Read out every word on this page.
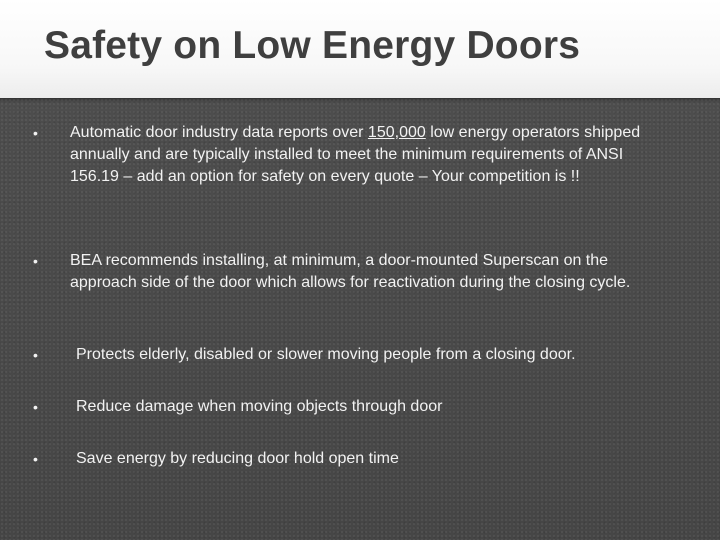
Safety on Low Energy Doors
• Automatic door industry data reports over 150,000 low energy operators shipped annually and are typically installed to meet the minimum requirements of ANSI 156.19 – add an option for safety on every quote – Your competition is !!
• BEA recommends installing, at minimum, a door-mounted Superscan on the approach side of the door which allows for reactivation during the closing cycle.
• Protects elderly, disabled or slower moving people from a closing door.
• Reduce damage when moving objects through door
• Save energy by reducing door hold open time
